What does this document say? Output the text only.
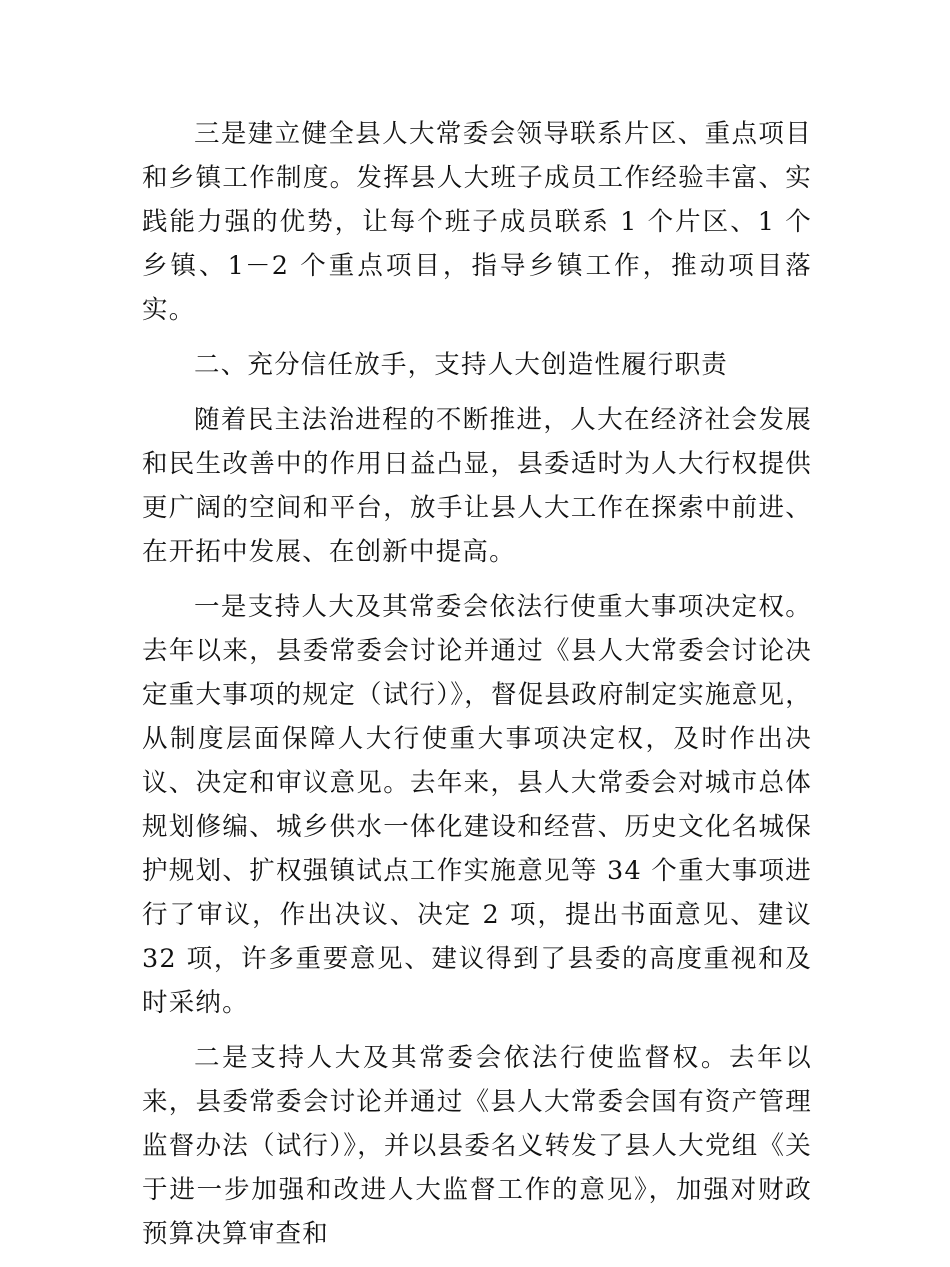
三是建立健全县人大常委会领导联系片区、重点项目和乡镇工作制度。发挥县人大班子成员工作经验丰富、实践能力强的优势，让每个班子成员联系 1 个片区、1 个乡镇、1－2 个重点项目，指导乡镇工作，推动项目落实。

二、充分信任放手，支持人大创造性履行职责

随着民主法治进程的不断推进，人大在经济社会发展和民生改善中的作用日益凸显，县委适时为人大行权提供更广阔的空间和平台，放手让县人大工作在探索中前进、在开拓中发展、在创新中提高。

一是支持人大及其常委会依法行使重大事项决定权。去年以来，县委常委会讨论并通过《县人大常委会讨论决定重大事项的规定（试行）》，督促县政府制定实施意见，从制度层面保障人大行使重大事项决定权，及时作出决议、决定和审议意见。去年来，县人大常委会对城市总体规划修编、城乡供水一体化建设和经营、历史文化名城保护规划、扩权强镇试点工作实施意见等 34 个重大事项进行了审议，作出决议、决定 2 项，提出书面意见、建议 32 项，许多重要意见、建议得到了县委的高度重视和及时采纳。

二是支持人大及其常委会依法行使监督权。去年以来，县委常委会讨论并通过《县人大常委会国有资产管理监督办法（试行）》，并以县委名义转发了县人大党组《关于进一步加强和改进人大监督工作的意见》，加强对财政预算决算审查和
